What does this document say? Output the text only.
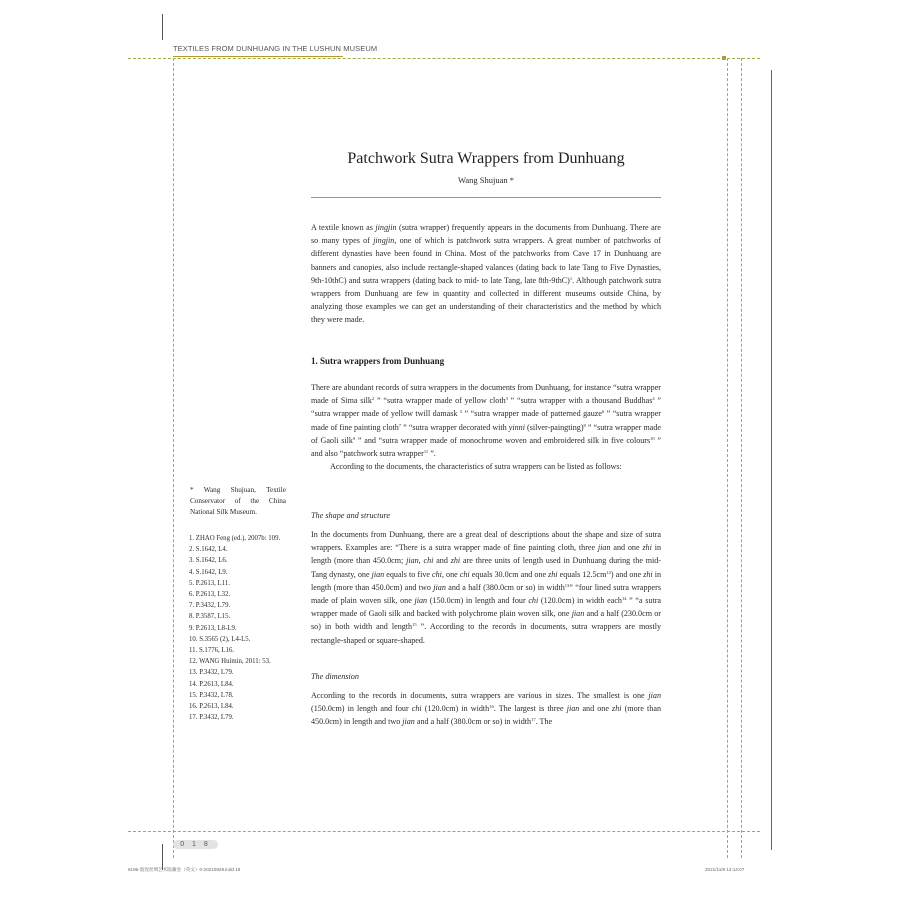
TEXTILES FROM DUNHUANG IN THE LUSHUN MUSEUM
Patchwork Sutra Wrappers from Dunhuang
Wang Shujuan *

A textile known as jingjin (sutra wrapper) frequently appears in the documents from Dunhuang. There are so many types of jingjin, one of which is patchwork sutra wrappers. A great number of patchworks of different dynasties have been found in China. Most of the patchworks from Cave 17 in Dunhuang are banners and canopies, also include rectangle-shaped valances (dating back to late Tang to Five Dynasties, 9th-10thC) and sutra wrappers (dating back to mid- to late Tang, late 8th-9thC)$^1$. Although patchwork sutra wrappers from Dunhuang are few in quantity and collected in different museums outside China, by analyzing those examples we can get an understanding of their characteristics and the method by which they were made.

1. Sutra wrappers from Dunhuang

There are abundant records of sutra wrappers in the documents from Dunhuang, for instance “sutra wrapper made of Sima silk$^2$ ” “sutra wrapper made of yellow cloth$^3$ ” “sutra wrapper with a thousand Buddhas$^4$ ” “sutra wrapper made of yellow twill damask $^5$ ” “sutra wrapper made of patterned gauze$^6$ ” “sutra wrapper made of fine painting cloth$^7$ ” “sutra wrapper decorated with yinni (silver-paingting)$^8$ ” “sutra wrapper made of Gaoli silk$^9$ ” and “sutra wrapper made of monochrome woven and embroidered silk in five colours$^{10}$ ” and also “patchwork sutra wrapper$^{11}$ ”.

According to the documents, the characteristics of sutra wrappers can be listed as follows:

The shape and structure

In the documents from Dunhuang, there are a great deal of descriptions about the shape and size of sutra wrappers. Examples are: “There is a sutra wrapper made of fine painting cloth, three jian and one zhi in length (more than 450.0cm; jian, chi and zhi are three units of length used in Dunhuang during the mid-Tang dynasty, one jian equals to five chi, one chi equals 30.0cm and one zhi equals $12.5cm^{12}$) and one zhi in length (more than 450.0cm) and two jian and a half (380.0cm or so) in width$^{13}$” “four lined sutra wrappers made of plain woven silk, one jian (150.0cm) in length and four chi (120.0cm) in width each$^{14}$ ” “a sutra wrapper made of Gaoli silk and backed with polychrome plain woven silk, one jian and a half (230.0cm or so) in both width and length$^{15}$ ”. According to the records in documents, sutra wrappers are mostly rectangle-shaped or square-shaped.

The dimension

According to the records in documents, sutra wrappers are various in sizes. The smallest is one jian (150.0cm) in length and four chi (120.0cm) in width$^{16}$. The largest is three jian and one zhi (more than 450.0cm) in length and two jian and a half (380.0cm or so) in width$^{17}$. The

* Wang Shujuan, Textile Conservator of the China National Silk Museum.
1. ZHAO Feng (ed.), 2007b: 109.
2. S.1642, L4.
3. S.1642, L6.
4. S.1642, L9.
5. P.2613, L11.
6. P.2613, L32.
7. P.3432, L79.
8. P.3587, L15.
9. P.2613, L8-L9.
10. S.3565 (2), L4-L5.
11. S.1776, L16.
12. WANG Huimin, 2011: 53.
13. P.3432, L79.
14. P.2613, L84.
15. P.3432, L78.
16. P.2613, L84.
17. P.3432, L79.
0 1 8
8196-敦煌丝绸艺术版藏卷（英文）0-20210928.indd 18	2021/11/9 14:14:07
